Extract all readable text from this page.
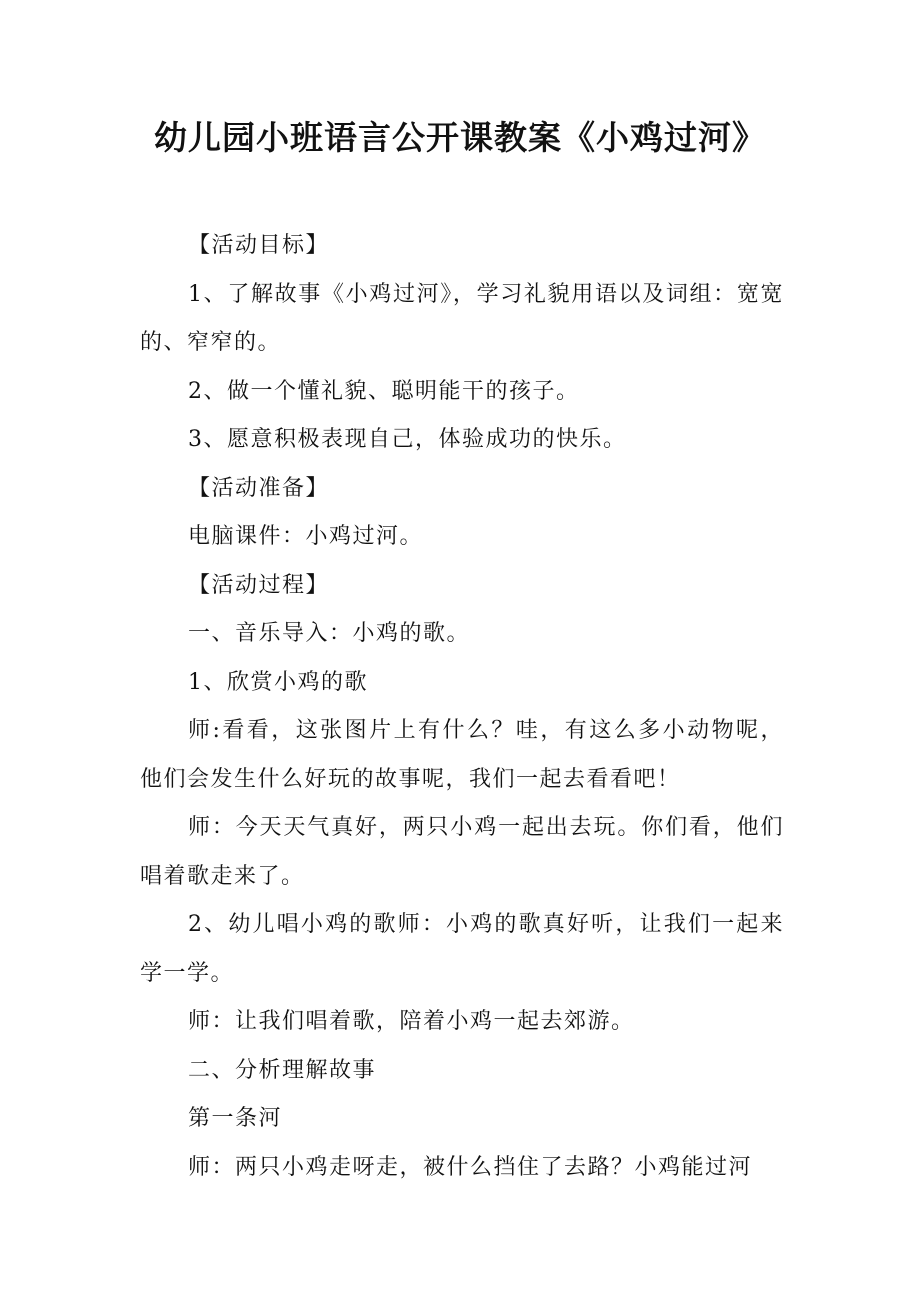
幼儿园小班语言公开课教案《小鸡过河》

【活动目标】

1、了解故事《小鸡过河》，学习礼貌用语以及词组：宽宽的、窄窄的。

2、做一个懂礼貌、聪明能干的孩子。

3、愿意积极表现自己，体验成功的快乐。

【活动准备】

电脑课件：小鸡过河。

【活动过程】

一、音乐导入：小鸡的歌。

1、欣赏小鸡的歌

师:看看，这张图片上有什么？哇，有这么多小动物呢，他们会发生什么好玩的故事呢，我们一起去看看吧！

师：今天天气真好，两只小鸡一起出去玩。你们看，他们唱着歌走来了。

2、幼儿唱小鸡的歌师：小鸡的歌真好听，让我们一起来学一学。

师：让我们唱着歌，陪着小鸡一起去郊游。

二、分析理解故事

第一条河

师：两只小鸡走呀走，被什么挡住了去路？小鸡能过河
